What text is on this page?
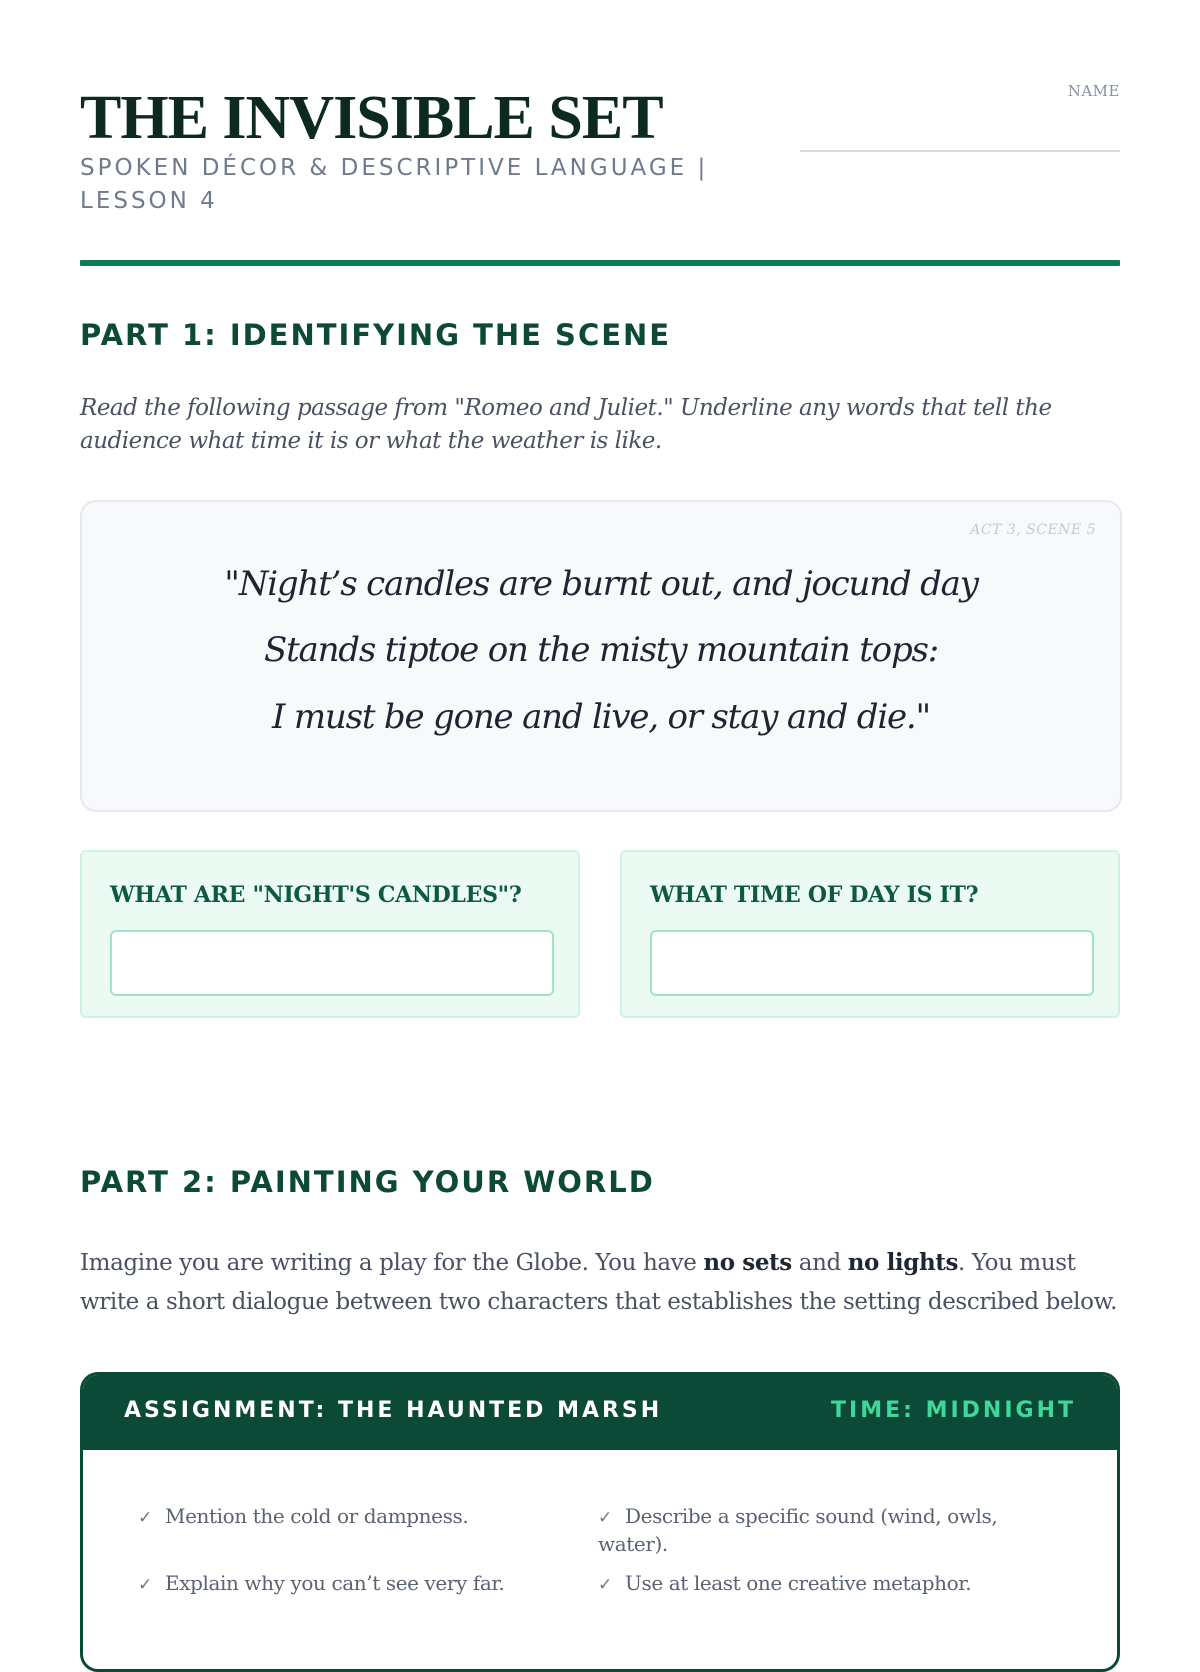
THE INVISIBLE SET

SPOKEN DÉCOR & DESCRIPTIVE LANGUAGE | LESSON 4

NAME
PART 1: IDENTIFYING THE SCENE

Read the following passage from "Romeo and Juliet." Underline any words that tell the audience what time it is or what the weather is like.

ACT 3, SCENE 5
"Night’s candles are burnt out, and jocund day
Stands tiptoe on the misty mountain tops:
I must be gone and live, or stay and die."
WHAT ARE "NIGHT'S CANDLES"?	WHAT TIME OF DAY IS IT?
PART 2: PAINTING YOUR WORLD

Imagine you are writing a play for the Globe. You have no sets and no lights. You must write a short dialogue between two characters that establishes the setting described below.

ASSIGNMENT: THE HAUNTED MARSH	TIME: MIDNIGHT
✓ Mention the cold or dampness.	✓ Describe a specific sound (wind, owls, water).
✓ Explain why you can’t see very far.	✓ Use at least one creative metaphor.
